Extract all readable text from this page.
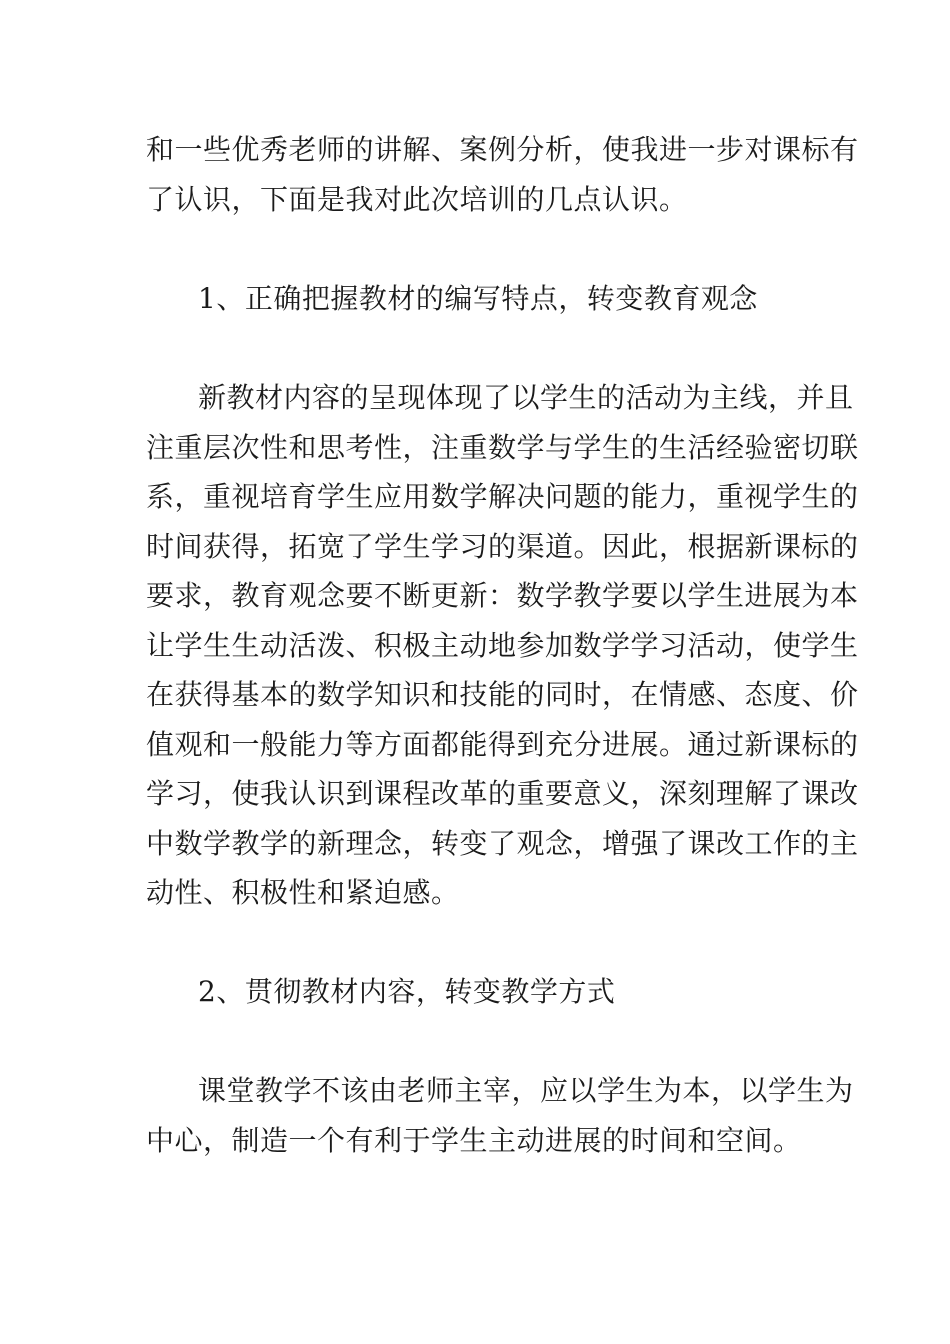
和一些优秀老师的讲解、案例分析，使我进一步对课标有
了认识，下面是我对此次培训的几点认识。
1、正确把握教材的编写特点，转变教育观念
新教材内容的呈现体现了以学生的活动为主线，并且
注重层次性和思考性，注重数学与学生的生活经验密切联
系，重视培育学生应用数学解决问题的能力，重视学生的
时间获得，拓宽了学生学习的渠道。因此，根据新课标的
要求，教育观念要不断更新：数学教学要以学生进展为本
让学生生动活泼、积极主动地参加数学学习活动，使学生
在获得基本的数学知识和技能的同时，在情感、态度、价
值观和一般能力等方面都能得到充分进展。通过新课标的
学习，使我认识到课程改革的重要意义，深刻理解了课改
中数学教学的新理念，转变了观念，增强了课改工作的主
动性、积极性和紧迫感。
2、贯彻教材内容，转变教学方式
课堂教学不该由老师主宰，应以学生为本，以学生为
中心，制造一个有利于学生主动进展的时间和空间。
